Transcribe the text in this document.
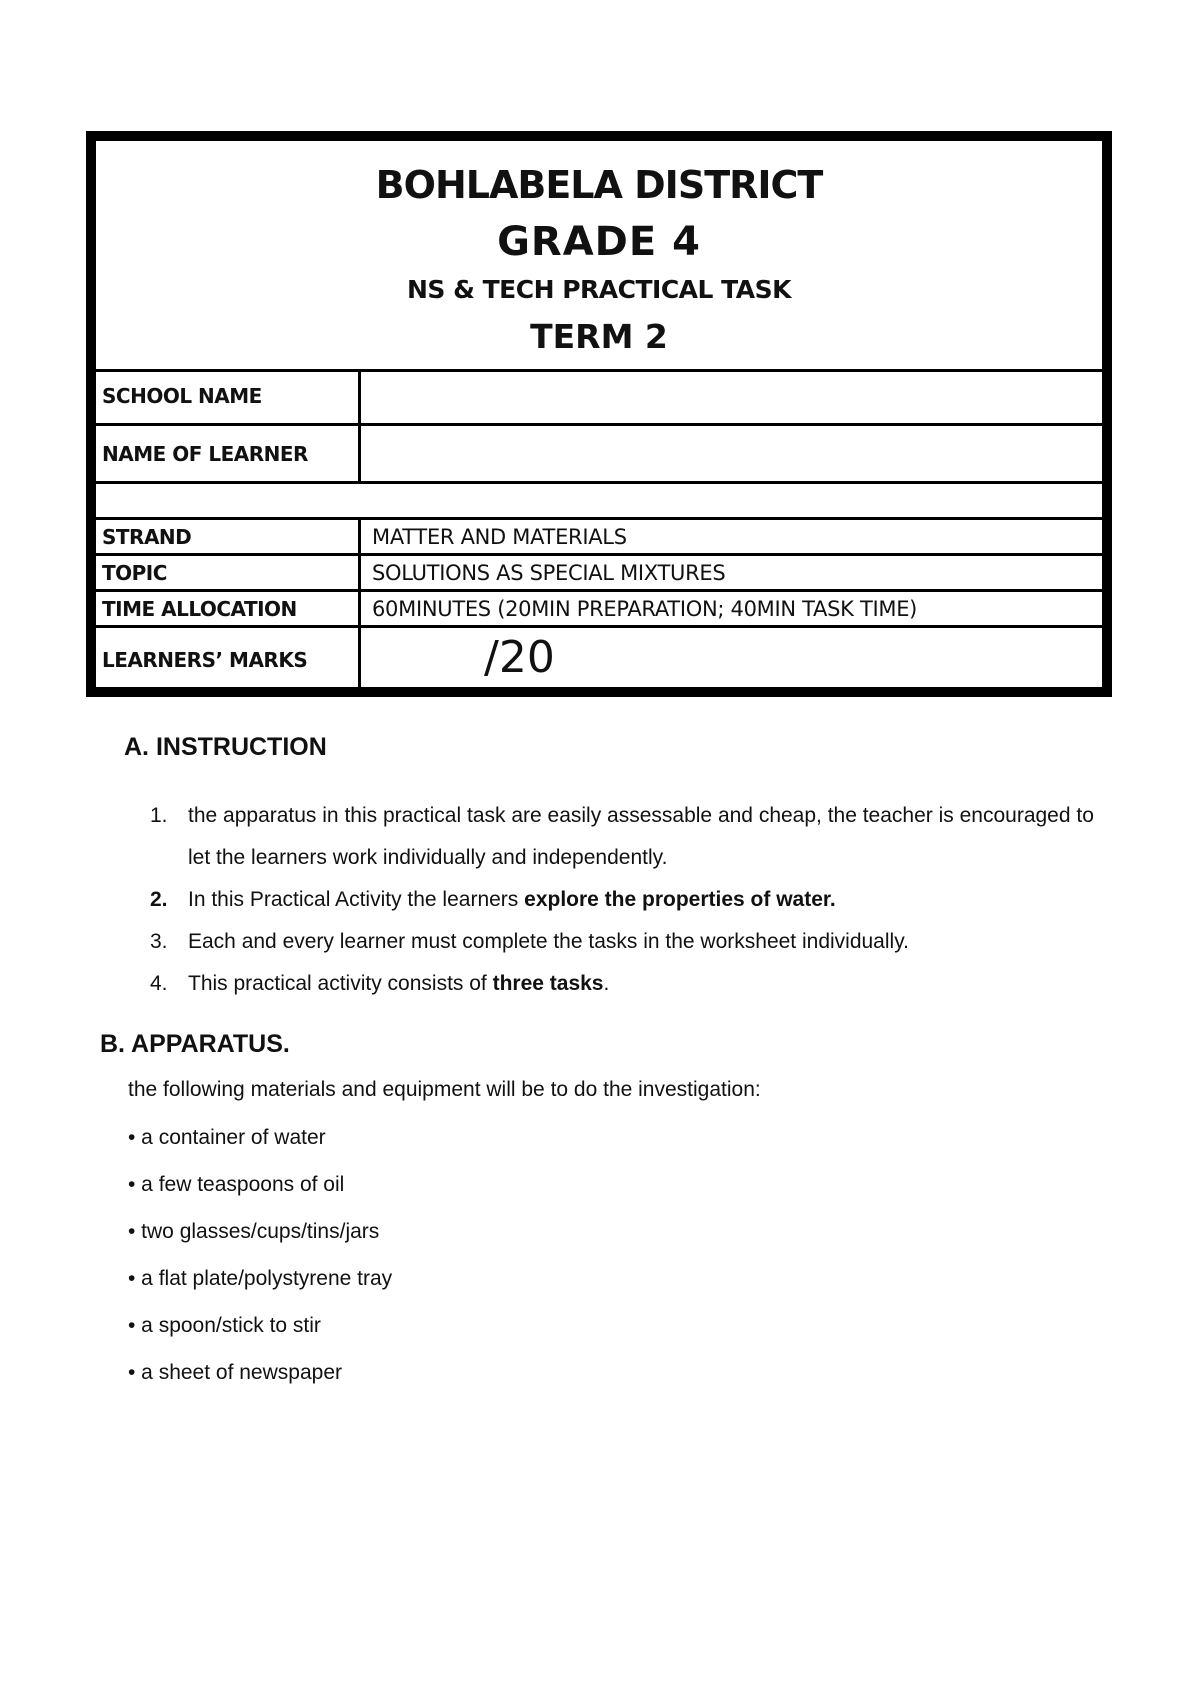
BOHLABELA DISTRICT
GRADE 4
NS & TECH PRACTICAL TASK
TERM 2
SCHOOL NAME
NAME OF LEARNER
STRAND	MATTER AND MATERIALS
TOPIC	SOLUTIONS AS SPECIAL MIXTURES
TIME ALLOCATION	60MINUTES (20MIN PREPARATION; 40MIN TASK TIME)
LEARNERS’ MARKS	/20
A. INSTRUCTION
1. the apparatus in this practical task are easily assessable and cheap, the teacher is encouraged to let the learners work individually and independently.
2. In this Practical Activity the learners explore the properties of water.
3. Each and every learner must complete the tasks in the worksheet individually.
4. This practical activity consists of three tasks.
B. APPARATUS.
the following materials and equipment will be to do the investigation:
• a container of water
• a few teaspoons of oil
• two glasses/cups/tins/jars
• a flat plate/polystyrene tray
• a spoon/stick to stir
• a sheet of newspaper
